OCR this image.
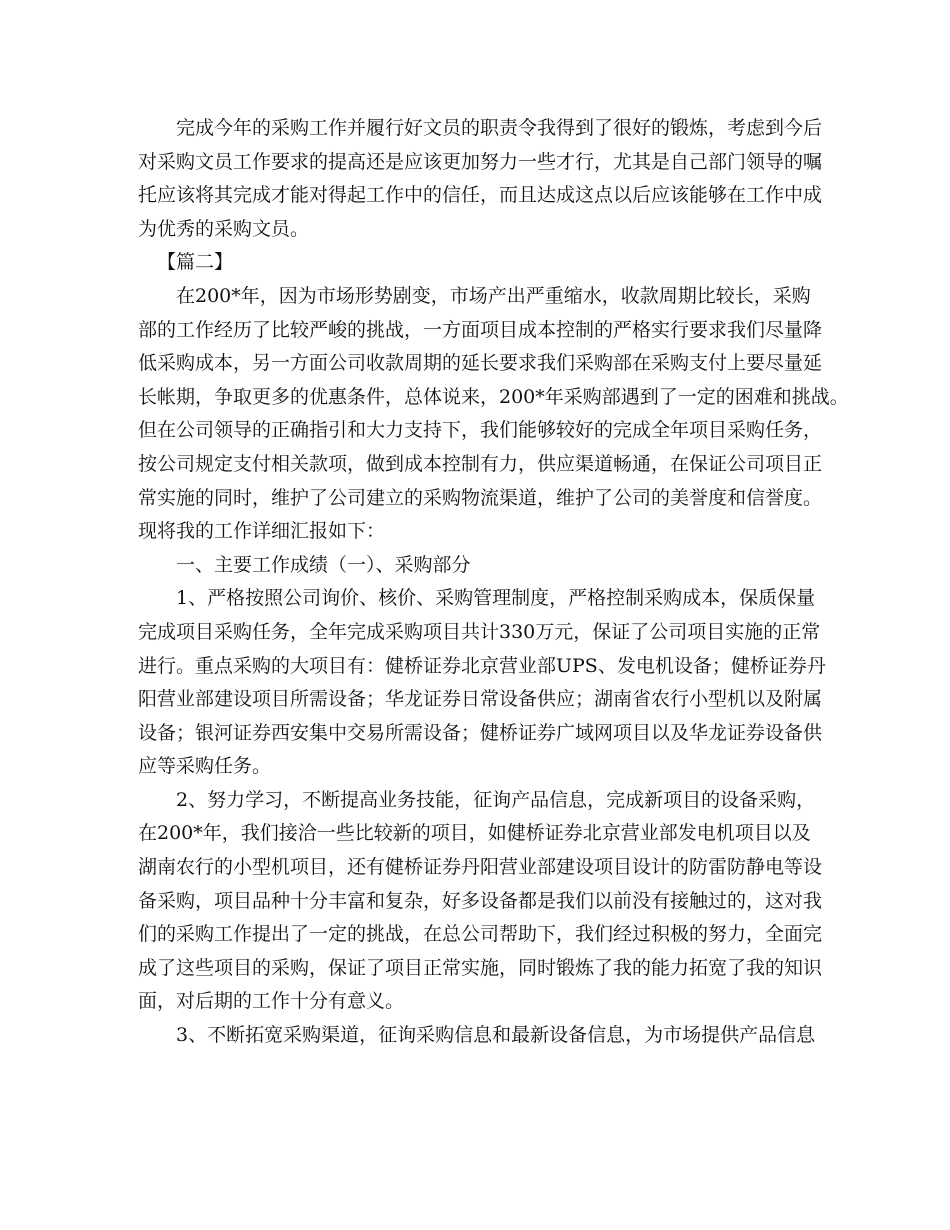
完成今年的采购工作并履行好文员的职责令我得到了很好的锻炼，考虑到今后
对采购文员工作要求的提高还是应该更加努力一些才行，尤其是自己部门领导的嘱
托应该将其完成才能对得起工作中的信任，而且达成这点以后应该能够在工作中成
为优秀的采购文员。

【篇二】

在200*年，因为市场形势剧变，市场产出严重缩水，收款周期比较长，采购
部的工作经历了比较严峻的挑战，一方面项目成本控制的严格实行要求我们尽量降
低采购成本，另一方面公司收款周期的延长要求我们采购部在采购支付上要尽量延
长帐期，争取更多的优惠条件，总体说来，200*年采购部遇到了一定的困难和挑战。
但在公司领导的正确指引和大力支持下，我们能够较好的完成全年项目采购任务，
按公司规定支付相关款项，做到成本控制有力，供应渠道畅通，在保证公司项目正
常实施的同时，维护了公司建立的采购物流渠道，维护了公司的美誉度和信誉度。
现将我的工作详细汇报如下：

一、主要工作成绩（一）、采购部分

1、严格按照公司询价、核价、采购管理制度，严格控制采购成本，保质保量
完成项目采购任务，全年完成采购项目共计330万元，保证了公司项目实施的正常
进行。重点采购的大项目有：健桥证券北京营业部UPS、发电机设备；健桥证券丹
阳营业部建设项目所需设备；华龙证券日常设备供应；湖南省农行小型机以及附属
设备；银河证券西安集中交易所需设备；健桥证券广域网项目以及华龙证券设备供
应等采购任务。

2、努力学习，不断提高业务技能，征询产品信息，完成新项目的设备采购，
在200*年，我们接洽一些比较新的项目，如健桥证券北京营业部发电机项目以及
湖南农行的小型机项目，还有健桥证券丹阳营业部建设项目设计的防雷防静电等设
备采购，项目品种十分丰富和复杂，好多设备都是我们以前没有接触过的，这对我
们的采购工作提出了一定的挑战，在总公司帮助下，我们经过积极的努力，全面完
成了这些项目的采购，保证了项目正常实施，同时锻炼了我的能力拓宽了我的知识
面，对后期的工作十分有意义。

3、不断拓宽采购渠道，征询采购信息和最新设备信息，为市场提供产品信息
